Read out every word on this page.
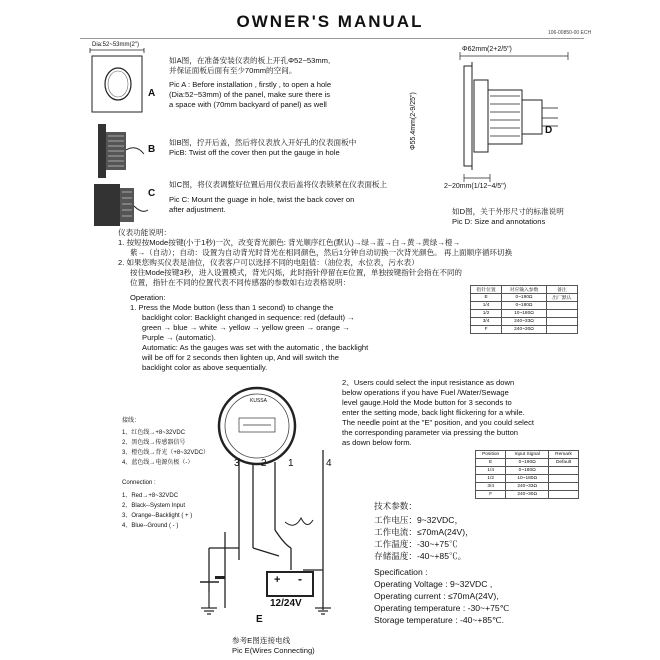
OWNER'S MANUAL
106-00850-00 ECH
Dia:52~53mm(2")
A
如A图，在准备安装仪表的板上开孔Φ52~53mm,
并保证面板后面有至少70mm的空间。
Pic A : Before installation , firstly , to open a hole
(Dia:52~53mm) of the panel, make sure there is
a space with (70mm backyard of panel) as well
B
如B图，拧开后盖，然后将仪表放入开好孔的仪表面板中
PicB: Twist off the cover then put the gauge in hole
C
如C图，将仪表调整好位置后用仪表后盖将仪表锁紧在仪表面板上
Pic C: Mount the guage in hole, twist the back cover on
after adjustment.
Φ62mm(2+2/5")
Φ55.4mm(2-9/25")	D
2~20mm(1/12~4/5")
如D图，关于外形尺寸的标准说明
Pic D: Size and annotations
仪表功能说明：
1. 按短按Mode按键(小于1秒)一次，改变背光颜色: 背光顺序红色(默认)→绿→蓝→白→黄→黄绿→橙→
紫→（自动）；自动：设置为自动背光时背光在相同颜色，然后1分钟自动切换一次背光颜色。 再上面顺序循环切换
2. 如果您购买仪表是油位，仪表客户可以选择不同的电阻值：（油位表，水位表，污水表）
按住Mode按键3秒，进入设置模式，背光闪烁，此时指针停留在E位置，单独按键指针会指在不同的
位置，指针在不同的位置代表不同传感器的参数如右边表格说明：
Operation:
1. Press the Mode button (less than 1 second) to change the
backlight color: Backlight changed in sequence: red (default) →
green → blue → white → yellow → yellow green → orange →
Purple → (automatic).
Automatic: As the gauges was set with the automatic , the backlight
will be off for 2 seconds then lighten up, And will switch the
backlight color as above sequentially.
指针位置	对应输入参数	备注
E	0~190Ω	出厂默认
1/4	0~180Ω	
1/2	10~180Ω	
3/4	240~33Ω	
F	240~30Ω	
KUSSA
3 2 1	4
+ -
12/24V
E
参考E图连接电线
Pic E(Wires Connecting)
接线：
1、红色线→+8~32VDC
2、黑色线→传感器信号
3、橙色线→背光（+8~32VDC）
4、蓝色线→电源负极（-）
Connection :
1、Red→+8~32VDC
2、Black--System Input
3、Orange--Backlight ( + )
4、Blue--Ground ( - )
2、Users could select the input resistance as down
below operations if you have Fuel /Water/Sewage
level gauge.Hold the Mode button for 3 seconds to
enter the setting mode, back light flickering for a while.
The needle point at the "E" position, and you could select
the corresponding parameter via pressing the button
as down below form.
Position	Input Signal	Remark
E	0~190Ω	Default
1/4	0~180Ω	
1/2	10~180Ω	
3/4	240~33Ω	
F	240~30Ω	
技术参数：
工作电压：9~32VDC，
工作电流：≤70mA(24V)，
工作温度：-30~+75℃
存储温度：-40~+85℃。
Specification :
Operating Voltage : 9~32VDC ,
Operating current : ≤70mA(24V),
Operating temperature : -30~+75℃
Storage temperature : -40~+85℃.
